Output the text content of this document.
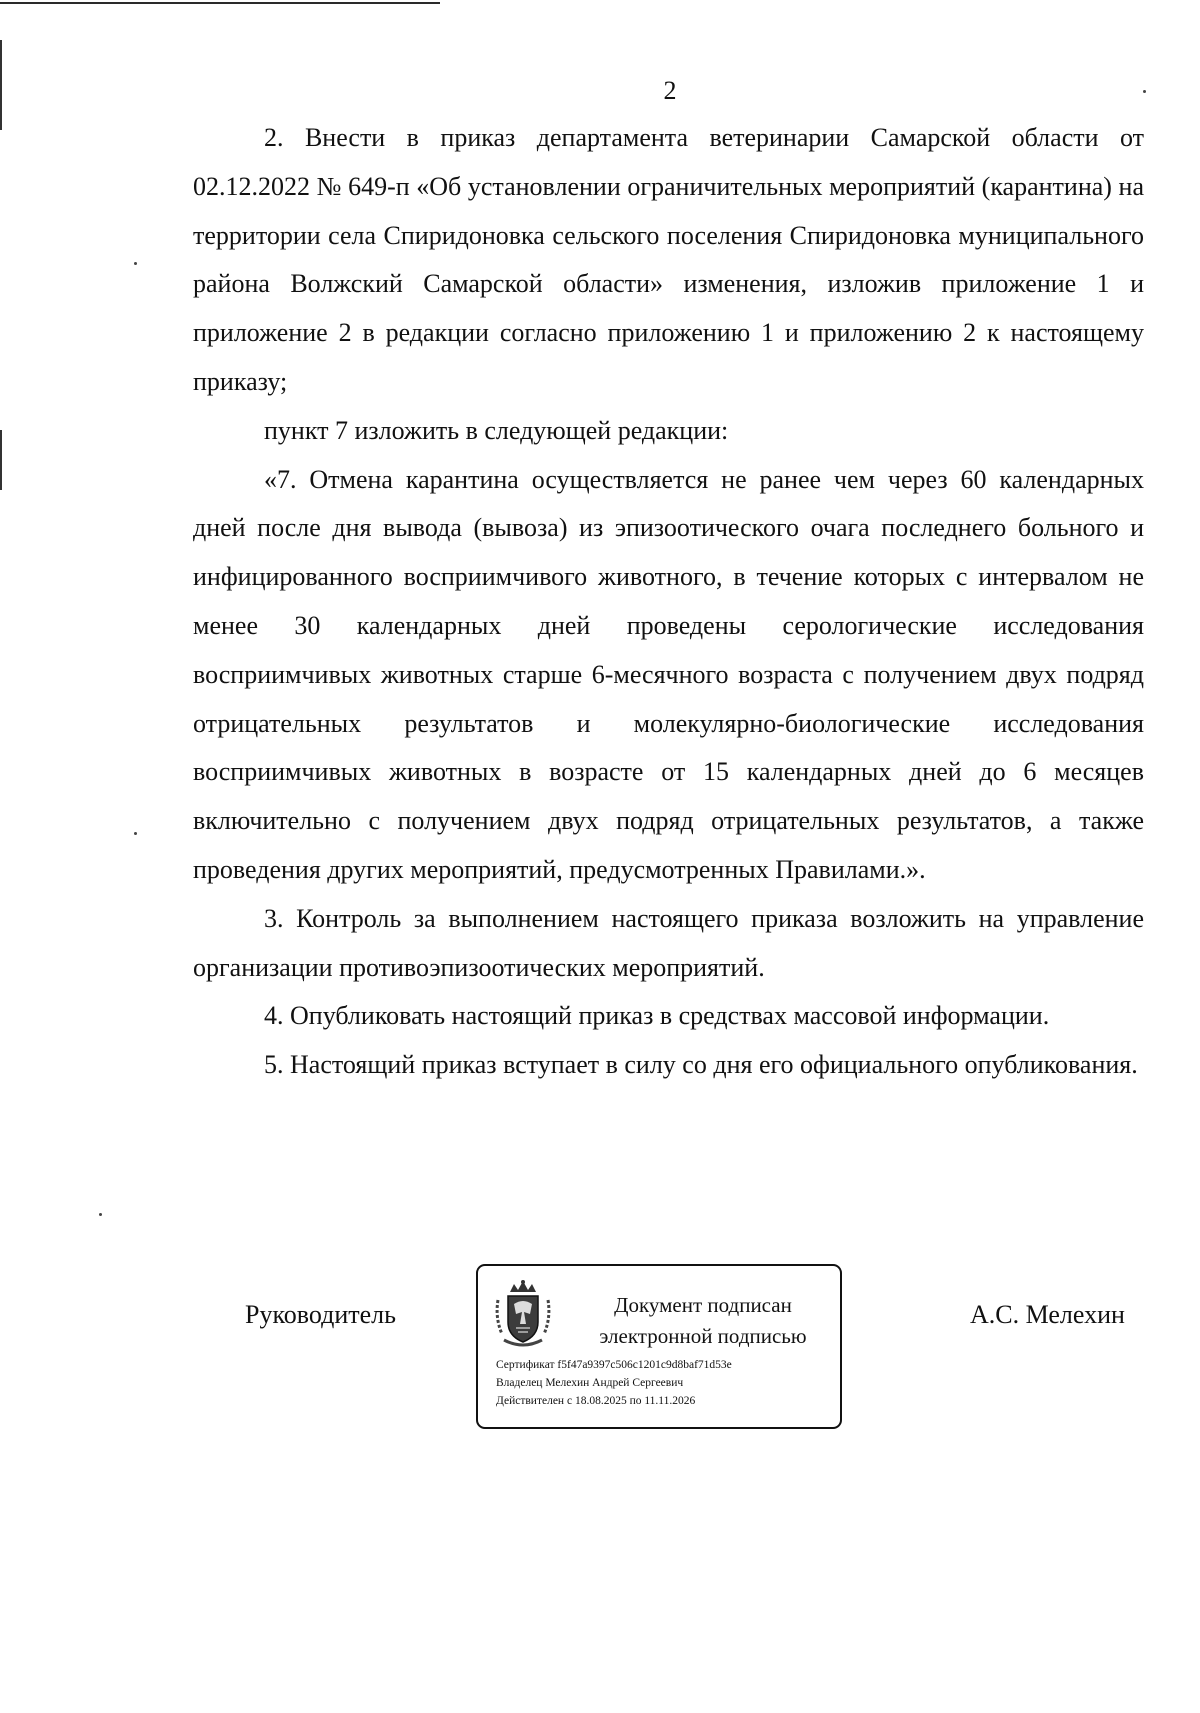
2

2. Внести в приказ департамента ветеринарии Самарской области от 02.12.2022 № 649-п «Об установлении ограничительных мероприятий (карантина) на территории села Спиридоновка сельского поселения Спиридоновка муниципального района Волжский Самарской области» изменения, изложив приложение 1 и приложение 2 в редакции согласно приложению 1 и приложению 2 к настоящему приказу;

пункт 7 изложить в следующей редакции:

«7. Отмена карантина осуществляется не ранее чем через 60 календарных дней после дня вывода (вывоза) из эпизоотического очага последнего больного и инфицированного восприимчивого животного, в течение которых с интервалом не менее 30 календарных дней проведены серологические исследования восприимчивых животных старше 6-месячного возраста с получением двух подряд отрицательных результатов и молекулярно-биологические исследования восприимчивых животных в возрасте от 15 календарных дней до 6 месяцев включительно с получением двух подряд отрицательных результатов, а также проведения других мероприятий, предусмотренных Правилами.».

3. Контроль за выполнением настоящего приказа возложить на управление организации противоэпизоотических мероприятий.

4. Опубликовать настоящий приказ в средствах массовой информации.

5. Настоящий приказ вступает в силу со дня его официального опубликования.

Руководитель	Документ подписан
электронной подписью
Сертификат f5f47a9397c506c1201c9d8baf71d53e
Владелец Мелехин Андрей Сергеевич
Действителен с 18.08.2025 по 11.11.2026
А.С. Мелехин
